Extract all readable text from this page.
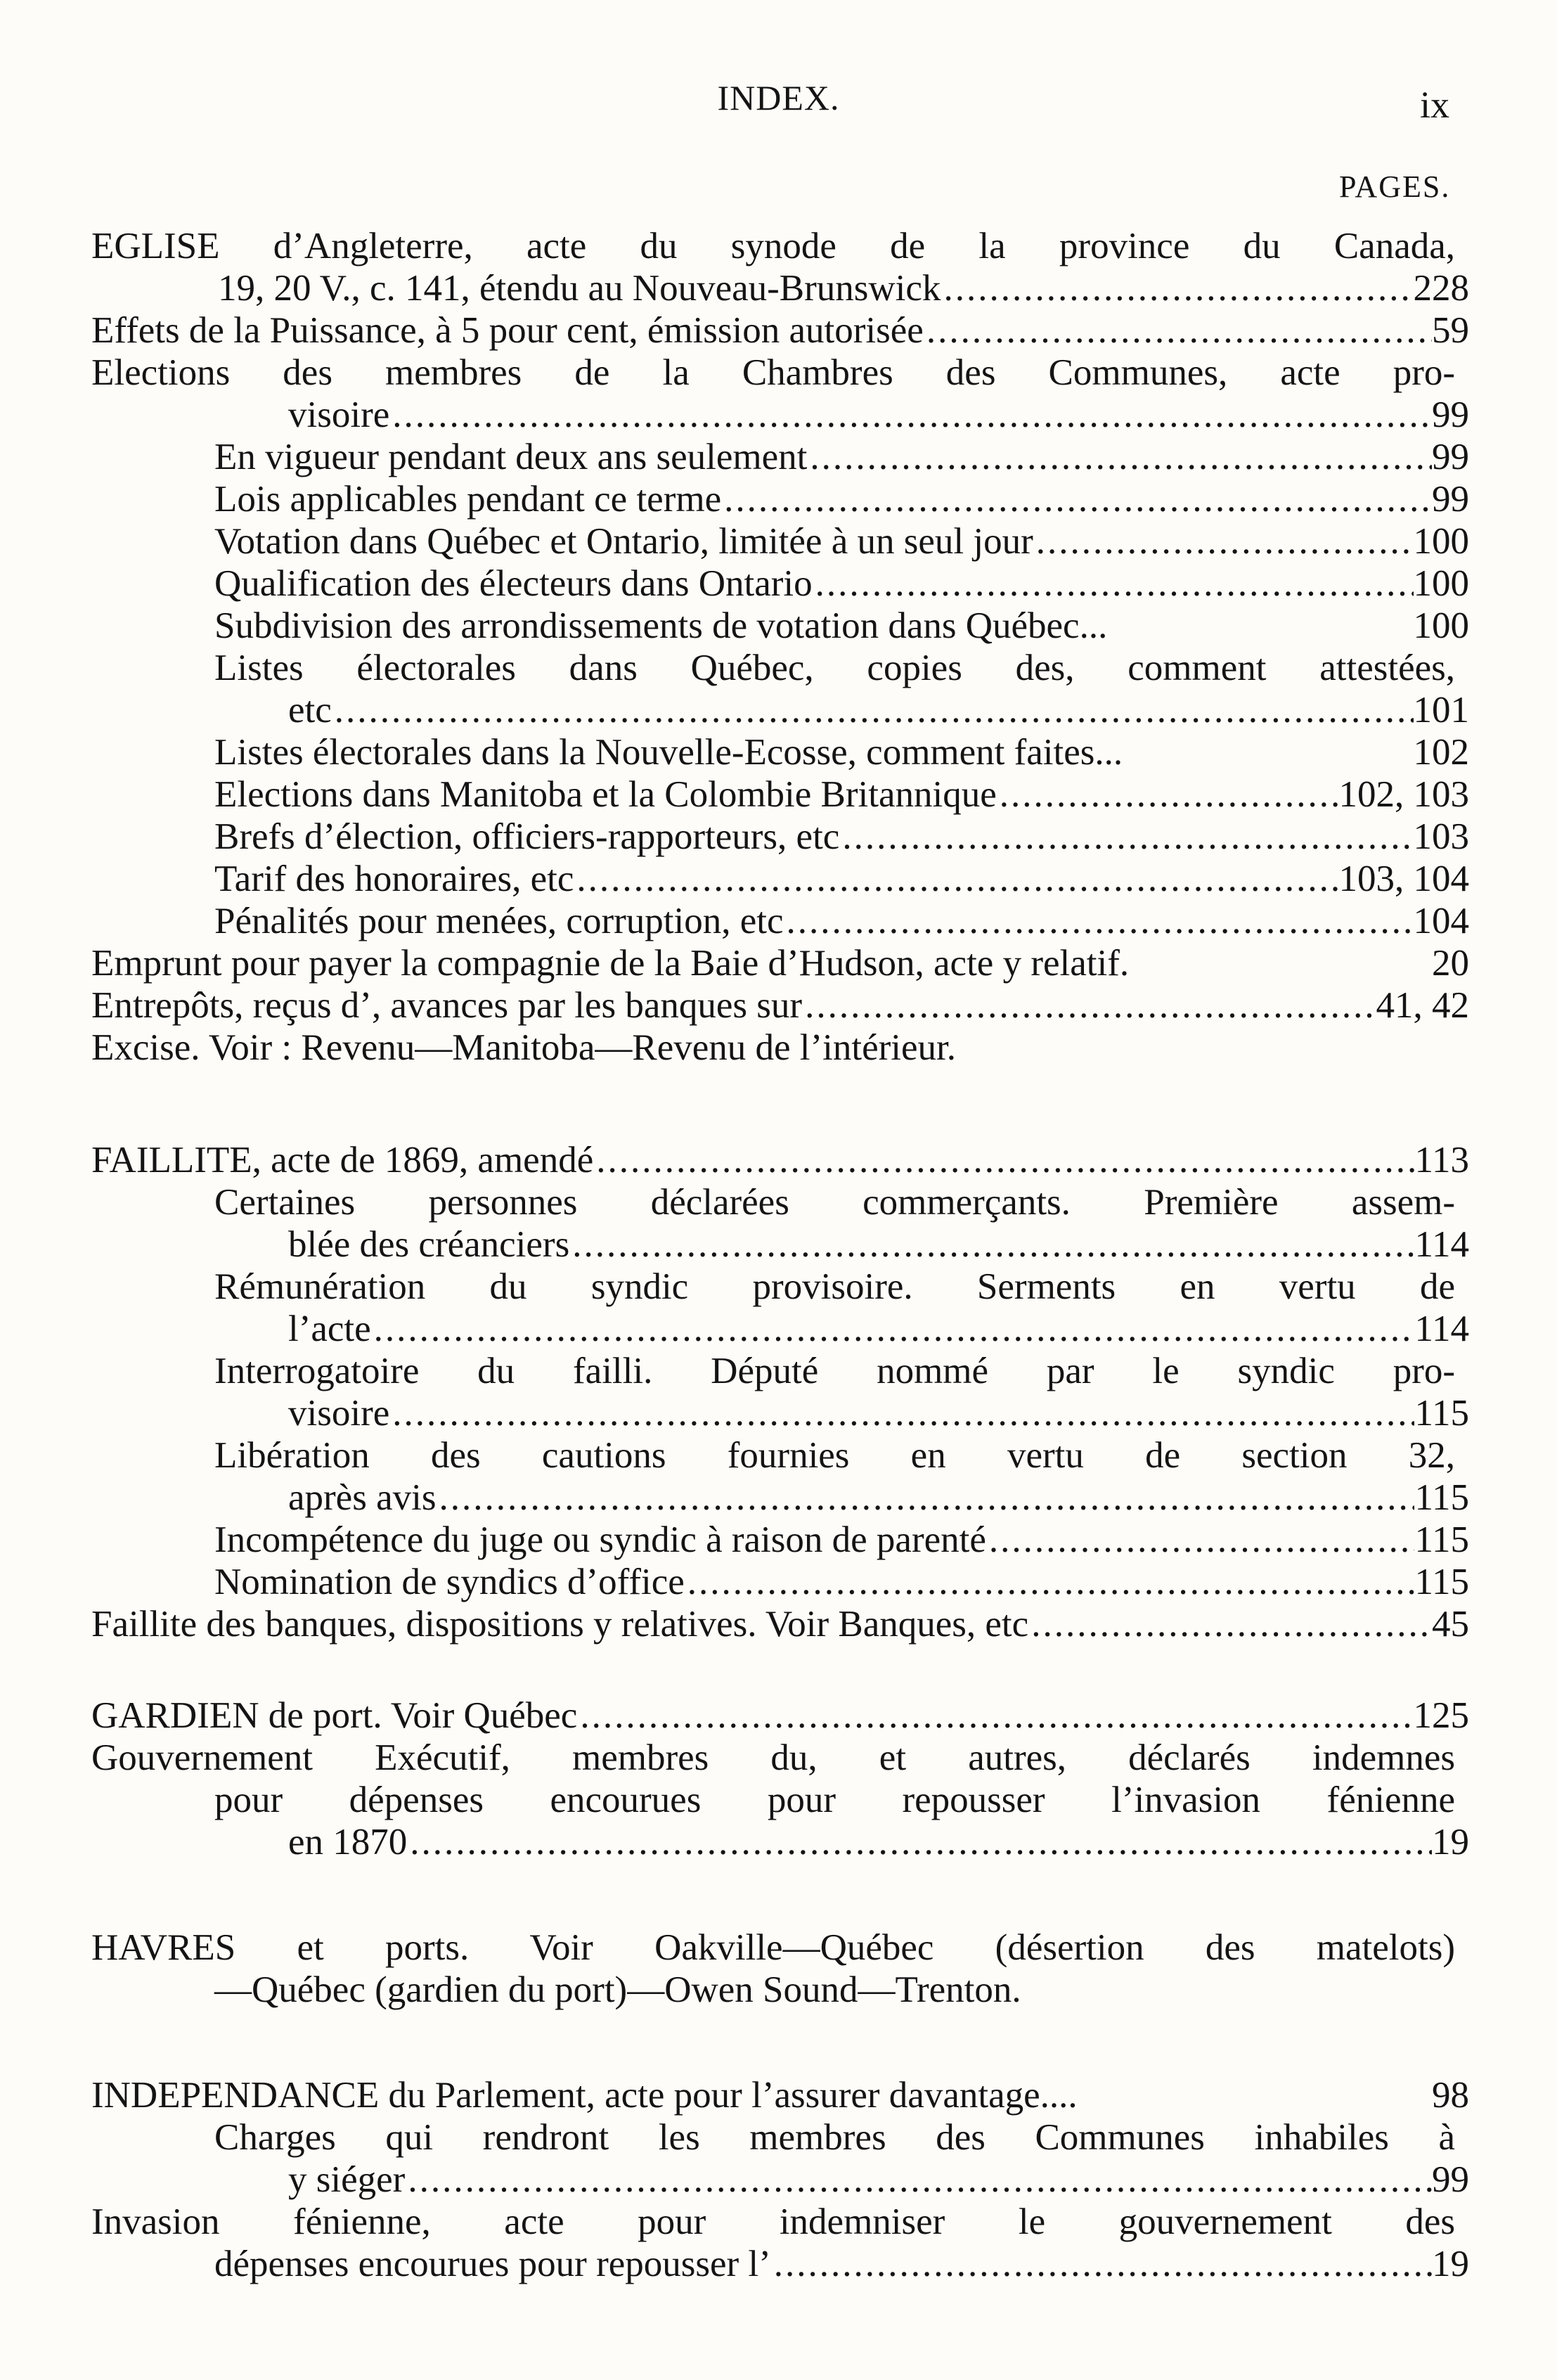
INDEX.	ix
PAGES.
EGLISE d’Angleterre, acte du synode de la province du Canada,
19, 20 V., c. 141, étendu au Nouveau-Brunswick .....	228
Effets de la Puissance, à 5 pour cent, émission autorisée .....	59
Elections des membres de la Chambres des Communes, acte pro-
visoire .....	99
En vigueur pendant deux ans seulement .....	99
Lois applicables pendant ce terme .....	99
Votation dans Québec et Ontario, limitée à un seul jour .....	100
Qualification des électeurs dans Ontario .....	100
Subdivision des arrondissements de votation dans Québec...	100
Listes électorales dans Québec, copies des, comment attestées,
etc .....	101
Listes électorales dans la Nouvelle-Ecosse, comment faites...	102
Elections dans Manitoba et la Colombie Britannique .....	102, 103
Brefs d’élection, officiers-rapporteurs, etc .....	103
Tarif des honoraires, etc .....	103, 104
Pénalités pour menées, corruption, etc .....	104
Emprunt pour payer la compagnie de la Baie d’Hudson, acte y relatif.	20
Entrepôts, reçus d’, avances par les banques sur .....	41, 42
Excise. Voir : Revenu—Manitoba—Revenu de l’intérieur.
FAILLITE, acte de 1869, amendé .....	113
Certaines personnes déclarées commerçants. Première assem-
blée des créanciers .....	114
Rémunération du syndic provisoire. Serments en vertu de
l’acte .....	114
Interrogatoire du failli. Député nommé par le syndic pro-
visoire .....	115
Libération des cautions fournies en vertu de section 32,
après avis .....	115
Incompétence du juge ou syndic à raison de parenté .....	115
Nomination de syndics d’office .....	115
Faillite des banques, dispositions y relatives. Voir Banques, etc .....	45
GARDIEN de port. Voir Québec .....	125
Gouvernement Exécutif, membres du, et autres, déclarés indemnes
pour dépenses encourues pour repousser l’invasion fénienne
en 1870 .....	19
HAVRES et ports. Voir Oakville—Québec (désertion des matelots)
—Québec (gardien du port)—Owen Sound—Trenton.
INDEPENDANCE du Parlement, acte pour l’assurer davantage....	98
Charges qui rendront les membres des Communes inhabiles à
y siéger .....	99
Invasion fénienne, acte pour indemniser le gouvernement des
dépenses encourues pour repousser l’ .....	19
